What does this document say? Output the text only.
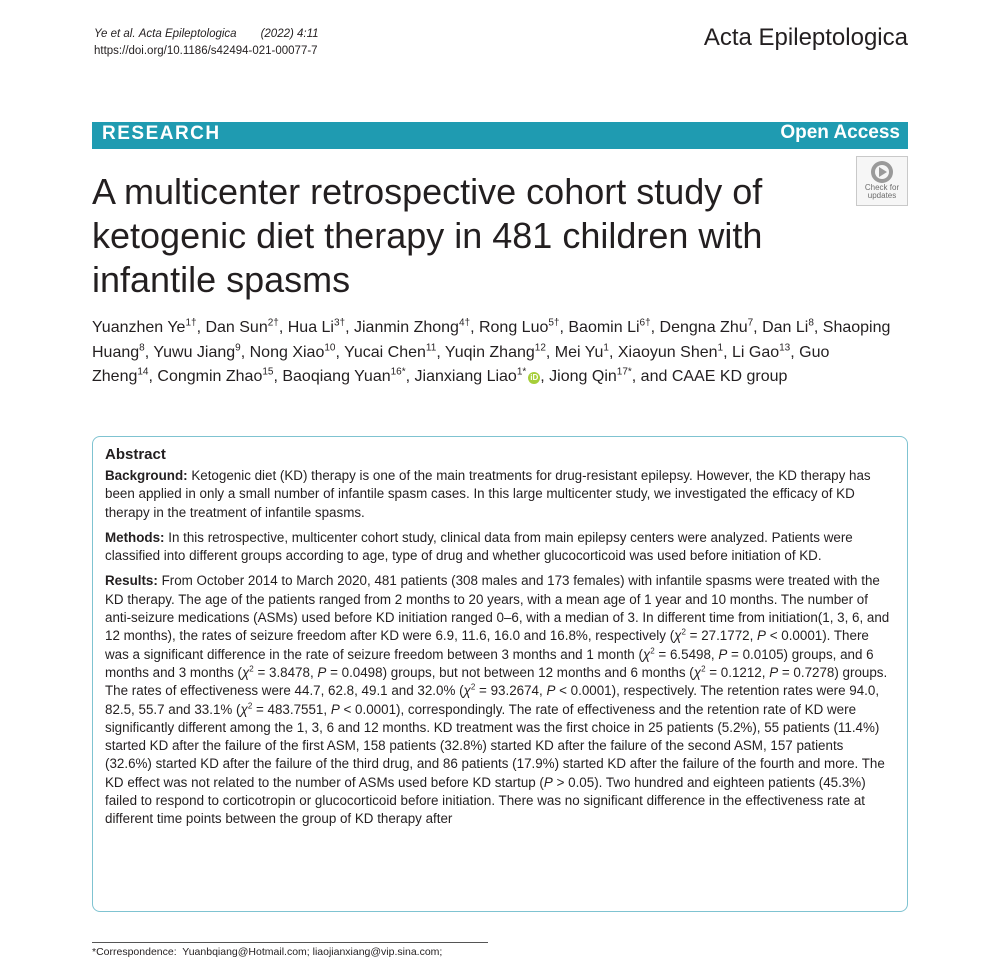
Ye et al. Acta Epileptologica (2022) 4:11
https://doi.org/10.1186/s42494-021-00077-7	Acta Epileptologica
RESEARCH	Open Access
Check for
updates
A multicenter retrospective cohort study of ketogenic diet therapy in 481 children with infantile spasms
Yuanzhen $Ye^{1\dagger}$, Dan Sun$^{2\dagger}$, Hua $Li^{3\dagger}$, Jianmin Zhong$^{4\dagger}$, Rong Luo$^{5\dagger}$, Baomin $Li^{6\dagger}$, Dengna Zhu$^7$, Dan Li$^8$, Shaoping Huang$^8$, Yuwu Jiang$^9$, Nong Xiao$^{10}$, Yucai Chen$^{11}$, Yuqin Zhang$^{12}$, Mei Yu$^1$, Xiaoyun Shen$^1$, Li Gao$^{13}$, Guo Zheng$^{14}$, Congmin Zhao$^{15}$, Baoqiang Yuan$^{16*}$, Jianxiang Liao$^{1*}$ iD , Jiong Qin$^{17*}$, and CAAE KD group
Abstract

Background: Ketogenic diet (KD) therapy is one of the main treatments for drug-resistant epilepsy. However, the KD therapy has been applied in only a small number of infantile spasm cases. In this large multicenter study, we investigated the efficacy of KD therapy in the treatment of infantile spasms.

Methods: In this retrospective, multicenter cohort study, clinical data from main epilepsy centers were analyzed. Patients were classified into different groups according to age, type of drug and whether glucocorticoid was used before initiation of KD.

Results: From October 2014 to March 2020, 481 patients (308 males and 173 females) with infantile spasms were treated with the KD therapy. The age of the patients ranged from 2 months to 20 years, with a mean age of 1 year and 10 months. The number of anti-seizure medications (ASMs) used before KD initiation ranged 0–6, with a median of 3. In different time from initiation(1, 3, 6, and 12 months), the rates of seizure freedom after KD were 6.9, 11.6, 16.0 and 16.8%, respectively ($\chi^2 = 27.1772$, P < 0.0001). There was a significant difference in the rate of seizure freedom between 3 months and 1 month ($\chi^2 = 6.5498$, P = 0.0105) groups, and 6 months and 3 months ($\chi^2 = 3.8478$, P = 0.0498) groups, but not between 12 months and 6 months ($\chi^2 = 0.1212$, P = 0.7278) groups. The rates of effectiveness were 44.7, 62.8, 49.1 and 32.0% ($\chi^2 = 93.2674$, P < 0.0001), respectively. The retention rates were 94.0, 82.5, 55.7 and 33.1% ($\chi^2 = 483.7551$, P < 0.0001), correspondingly. The rate of effectiveness and the retention rate of KD were significantly different among the 1, 3, 6 and 12 months. KD treatment was the first choice in 25 patients (5.2%), 55 patients (11.4%) started KD after the failure of the first ASM, 158 patients (32.8%) started KD after the failure of the second ASM, 157 patients (32.6%) started KD after the failure of the third drug, and 86 patients (17.9%) started KD after the failure of the fourth and more. The KD effect was not related to the number of ASMs used before KD startup (P > 0.05). Two hundred and eighteen patients (45.3%) failed to respond to corticotropin or glucocorticoid before initiation. There was no significant difference in the effectiveness rate at different time points between the group of KD therapy after

*Correspondence: Yuanbqiang@Hotmail.com; liaojianxiang@vip.sina.com;
